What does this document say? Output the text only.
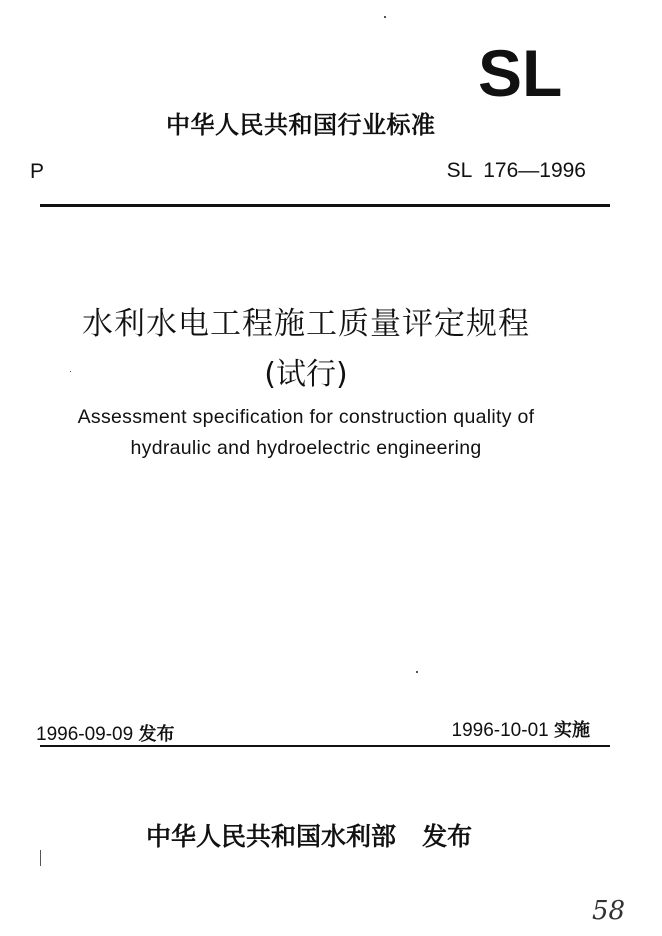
SL
中华人民共和国行业标准
P	SL  176—1996
水利水电工程施工质量评定规程
(试行)
Assessment specification for construction quality of
hydraulic and hydroelectric engineering
1996-09-09 发布	1996-10-01 实施
中华人民共和国水利部 发布
58
